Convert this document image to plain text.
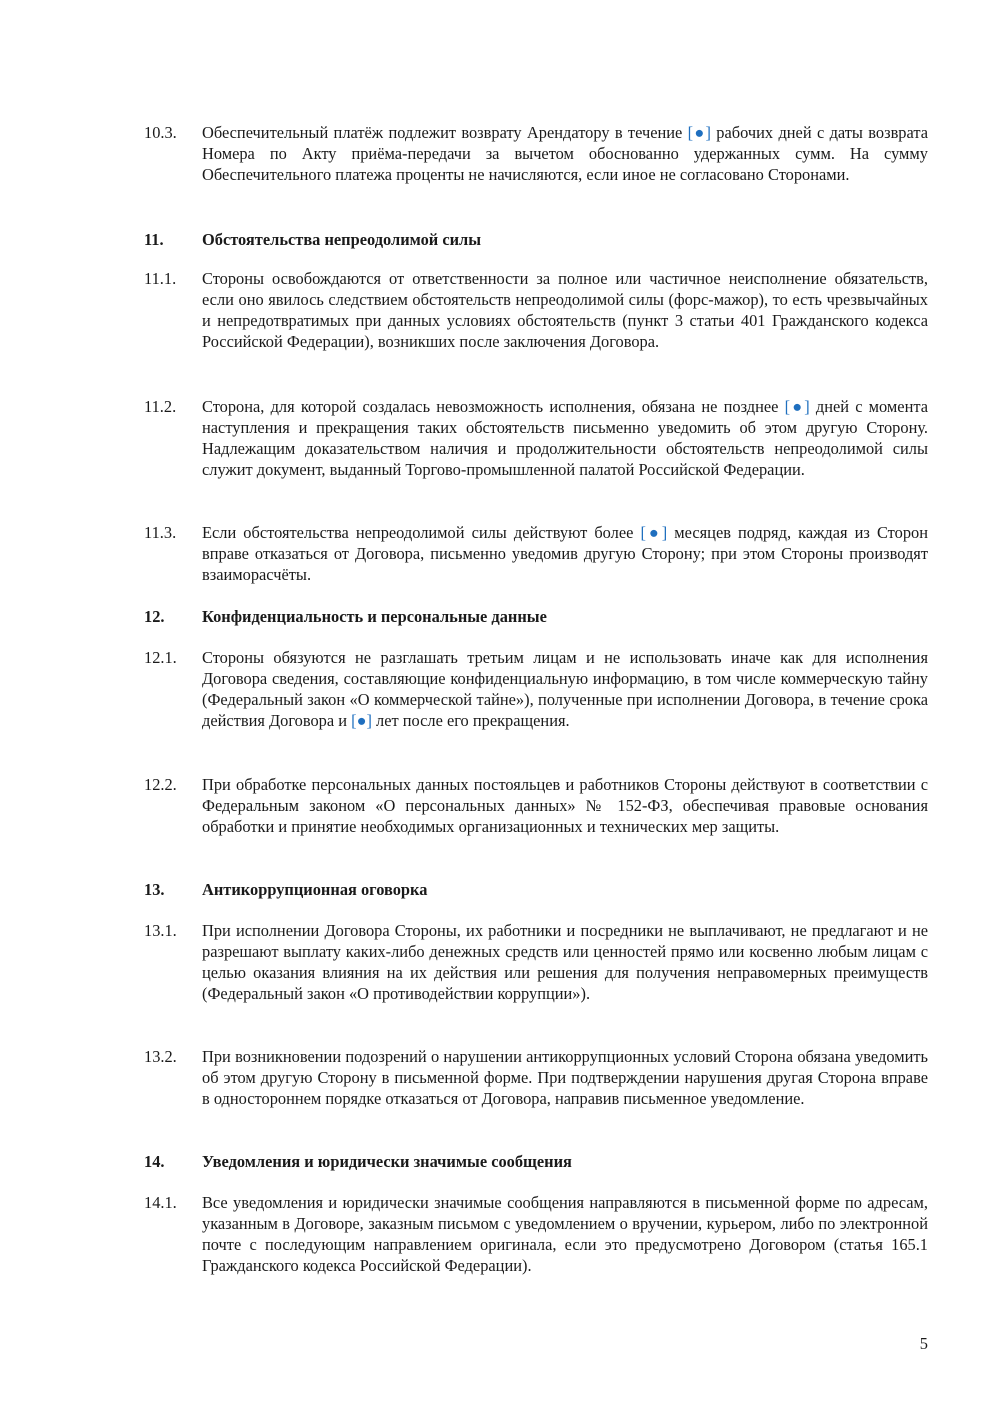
10.3.	Обеспечительный платёж подлежит возврату Арендатору в течение [●] рабочих дней с даты возврата Номера по Акту приёма-передачи за вычетом обоснованно удержанных сумм. На сумму Обеспечительного платежа проценты не начисляются, если иное не согласовано Сторонами.
11.	Обстоятельства непреодолимой силы
11.1.	Стороны освобождаются от ответственности за полное или частичное неисполнение обязательств, если оно явилось следствием обстоятельств непреодолимой силы (форс-мажор), то есть чрезвычайных и непредотвратимых при данных условиях обстоятельств (пункт 3 статьи 401 Гражданского кодекса Российской Федерации), возникших после заключения Договора.
11.2.	Сторона, для которой создалась невозможность исполнения, обязана не позднее [●] дней с момента наступления и прекращения таких обстоятельств письменно уведомить об этом другую Сторону. Надлежащим доказательством наличия и продолжительности обстоятельств непреодолимой силы служит документ, выданный Торгово-промышленной палатой Российской Федерации.
11.3.	Если обстоятельства непреодолимой силы действуют более [●] месяцев подряд, каждая из Сторон вправе отказаться от Договора, письменно уведомив другую Сторону; при этом Стороны производят взаиморасчёты.
12.	Конфиденциальность и персональные данные
12.1.	Стороны обязуются не разглашать третьим лицам и не использовать иначе как для исполнения Договора сведения, составляющие конфиденциальную информацию, в том числе коммерческую тайну (Федеральный закон «О коммерческой тайне»), полученные при исполнении Договора, в течение срока действия Договора и [●] лет после его прекращения.
12.2.	При обработке персональных данных постояльцев и работников Стороны действуют в соответствии с Федеральным законом «О персональных данных» № 152-ФЗ, обеспечивая правовые основания обработки и принятие необходимых организационных и технических мер защиты.
13.	Антикоррупционная оговорка
13.1.	При исполнении Договора Стороны, их работники и посредники не выплачивают, не предлагают и не разрешают выплату каких-либо денежных средств или ценностей прямо или косвенно любым лицам с целью оказания влияния на их действия или решения для получения неправомерных преимуществ (Федеральный закон «О противодействии коррупции»).
13.2.	При возникновении подозрений о нарушении антикоррупционных условий Сторона обязана уведомить об этом другую Сторону в письменной форме. При подтверждении нарушения другая Сторона вправе в одностороннем порядке отказаться от Договора, направив письменное уведомление.
14.	Уведомления и юридически значимые сообщения
14.1.	Все уведомления и юридически значимые сообщения направляются в письменной форме по адресам, указанным в Договоре, заказным письмом с уведомлением о вручении, курьером, либо по электронной почте с последующим направлением оригинала, если это предусмотрено Договором (статья 165.1 Гражданского кодекса Российской Федерации).
5
